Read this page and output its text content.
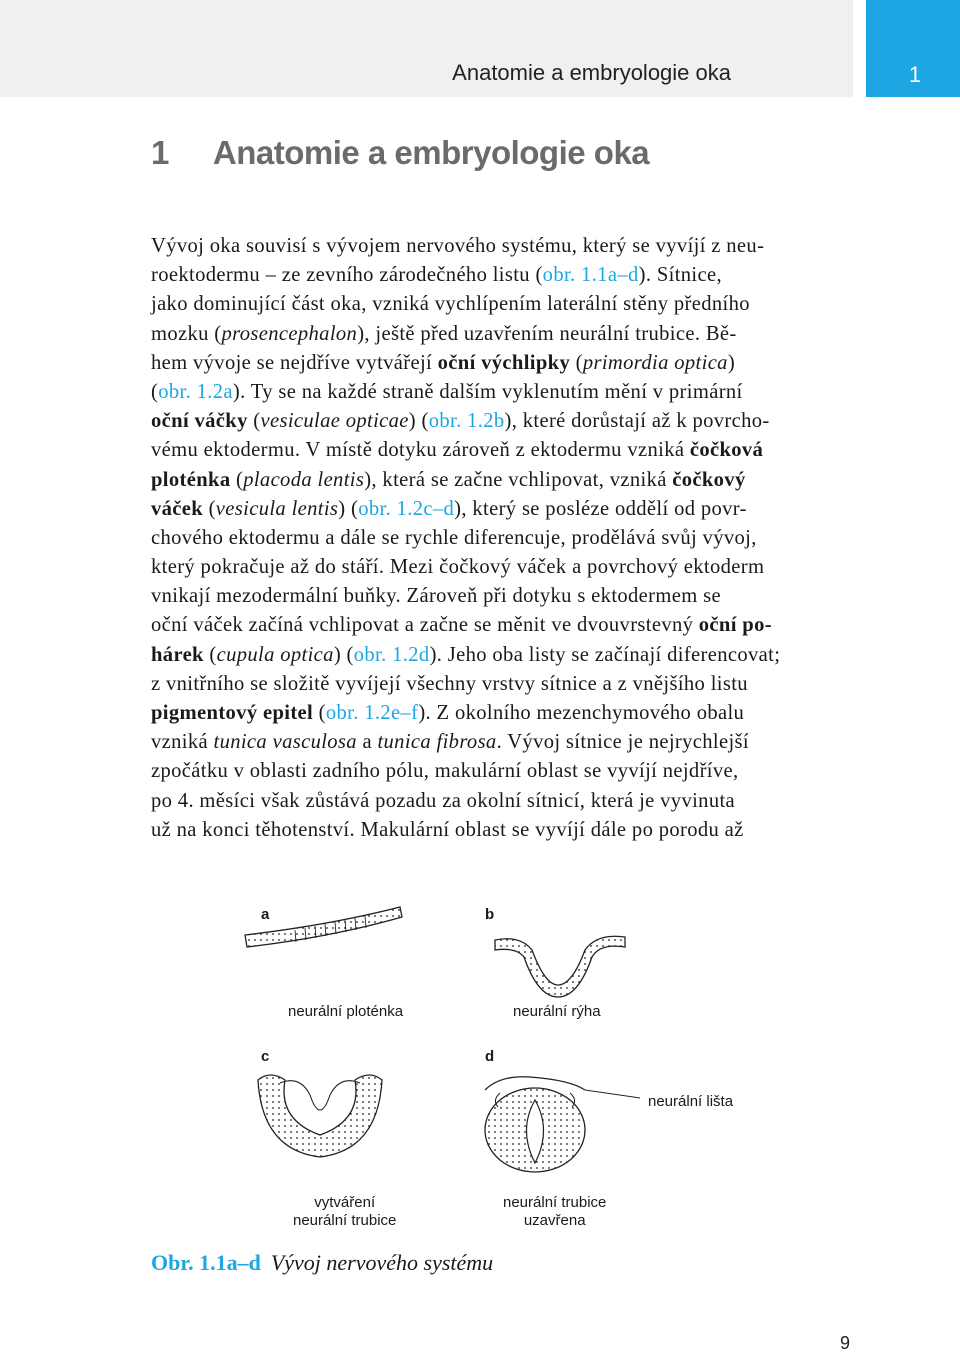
Anatomie a embryologie oka	1
1 Anatomie a embryologie oka
Vývoj oka souvisí s vývojem nervového systému, který se vyvíjí z neu-
roektodermu – ze zevního zárodečného listu (obr. 1.1a–d). Sítnice,
jako dominující část oka, vzniká vychlípením laterální stěny předního
mozku (prosencephalon), ještě před uzavřením neurální trubice. Bě-
hem vývoje se nejdříve vytvářejí oční výchlipky (primordia optica)
(obr. 1.2a). Ty se na každé straně dalším vyklenutím mění v primární
oční váčky (vesiculae opticae) (obr. 1.2b), které dorůstají až k povrcho-
vému ektodermu. V místě dotyku zároveň z ektodermu vzniká čočková
ploténka (placoda lentis), která se začne vchlipovat, vzniká čočkový
váček (vesicula lentis) (obr. 1.2c–d), který se posléze oddělí od povr-
chového ektodermu a dále se rychle diferencuje, prodělává svůj vývoj,
který pokračuje až do stáří. Mezi čočkový váček a povrchový ektoderm
vnikají mezodermální buňky. Zároveň při dotyku s ektodermem se
oční váček začíná vchlipovat a začne se měnit ve dvouvrstevný oční po-
hárek (cupula optica) (obr. 1.2d). Jeho oba listy se začínají diferencovat;
z vnitřního se složitě vyvíjejí všechny vrstvy sítnice a z vnějšího listu
pigmentový epitel (obr. 1.2e–f). Z okolního mezenchymového obalu
vzniká tunica vasculosa a tunica fibrosa. Vývoj sítnice je nejrychlejší
zpočátku v oblasti zadního pólu, makulární oblast se vyvíjí nejdříve,
po 4. měsíci však zůstává pozadu za okolní sítnicí, která je vyvinuta
už na konci těhotenství. Makulární oblast se vyvíjí dále po porodu až
a	b
c	d
neurální ploténka	neurální rýha
vytváření
neurální trubice
neurální trubice
uzavřena
neurální lišta
Obr. 1.1a–d Vývoj nervového systému
9
